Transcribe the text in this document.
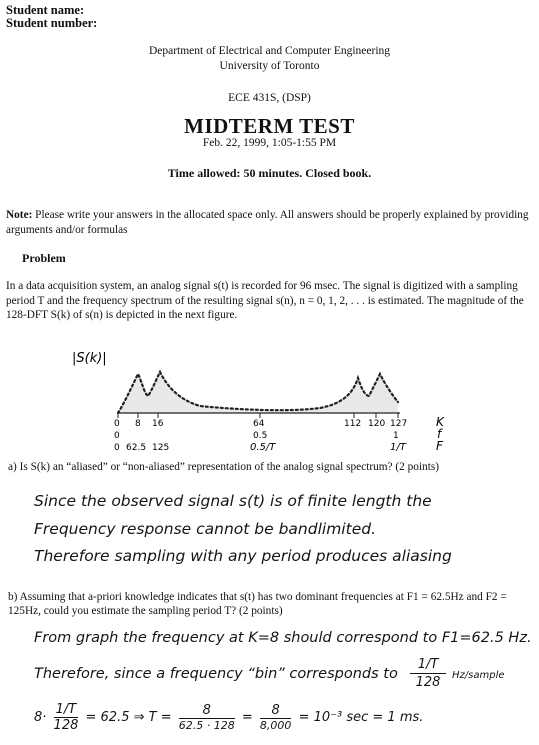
Student name:
Student number:
Department of Electrical and Computer Engineering
University of Toronto
ECE 431S, (DSP)
MIDTERM TEST
Feb. 22, 1999, 1:05-1:55 PM
Time allowed: 50 minutes. Closed book.
Note: Please write your answers in the allocated space only. All answers should be properly explained by providing arguments and/or formulas
Problem
In a data acquisition system, an analog signal s(t) is recorded for 96 msec. The signal is digitized with a sampling period T and the frequency spectrum of the resulting signal s(n), n = 0, 1, 2, . . . is estimated. The magnitude of the 128-DFT S(k) of s(n) is depicted in the next figure.
|S(k)|
0 8 16	64	112 120 127
0	0.5	1
0 62.5 125	0.5/T	1/T
K
f
F
a) Is S(k) an “aliased” or “non-aliased” representation of the analog signal spectrum? (2 points)
Since the observed signal s(t) is of finite length the
Frequency response cannot be bandlimited.
Therefore sampling with any period produces aliasing
b) Assuming that a-priori knowledge indicates that s(t) has two dominant frequencies at F1 = 62.5Hz and F2 = 125Hz, could you estimate the sampling period T? (2 points)
From graph the frequency at K=8 should correspond to F1=62.5 Hz.
Therefore, since a frequency “bin” corresponds to
1/T
128	Hz/sample
$8\cdot \frac{1/T}{128} = 62.5$ ⇒ T =	8
62.5 · 128
=	8
8,000
= 10⁻³ sec = 1 ms.
